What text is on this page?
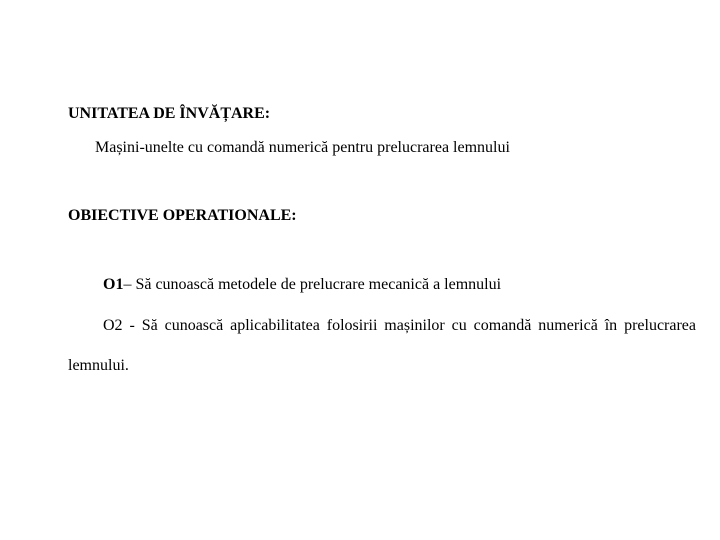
UNITATEA DE ÎNVĂȚARE:
Mașini-unelte cu comandă numerică pentru prelucrarea lemnului
OBIECTIVE OPERATIONALE:
O1– Să cunoască metodele de prelucrare mecanică a lemnului
O2 - Să cunoască aplicabilitatea folosirii mașinilor cu comandă numerică în prelucrarea lemnului.
